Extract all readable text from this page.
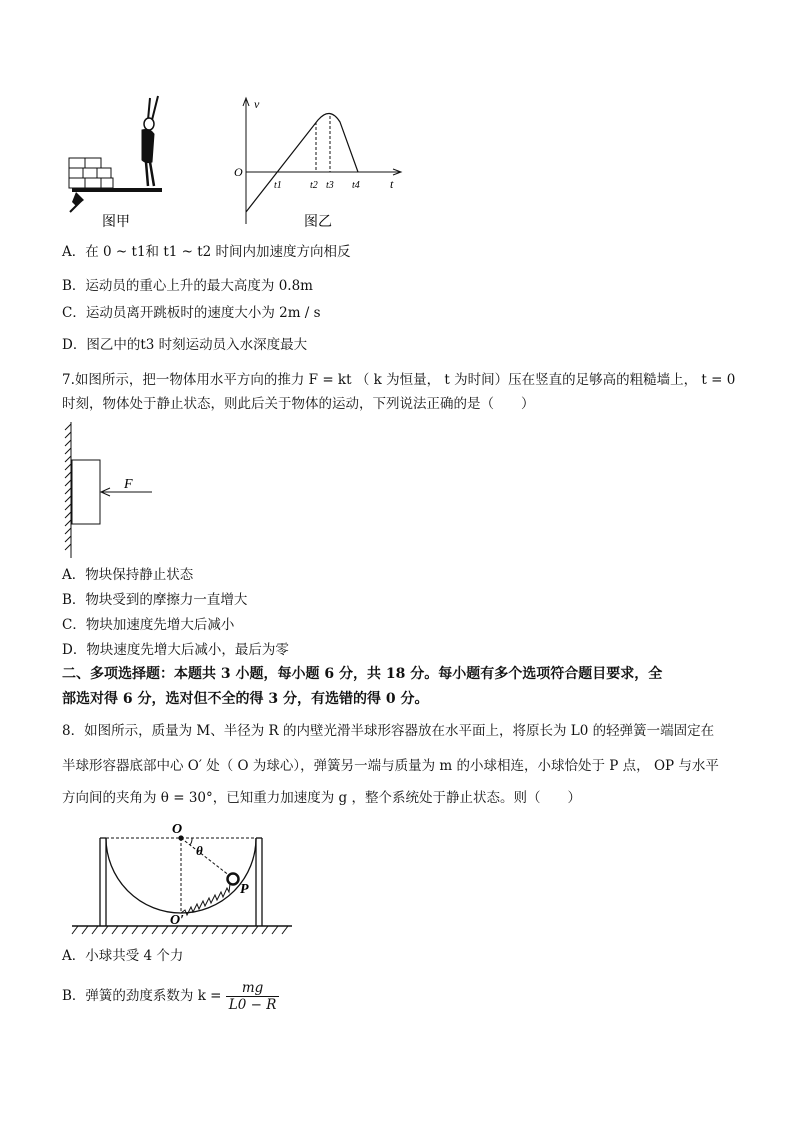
图甲
v
t
O
t1	t2 t3 t4
图乙
A．在 0 ~ t1和 t1 ~ t2 时间内加速度方向相反
B．运动员的重心上升的最大高度为 0.8m
C．运动员离开跳板时的速度大小为 2m / s
D．图乙中的t3 时刻运动员入水深度最大
7.如图所示，把一物体用水平方向的推力 F = kt （ k 为恒量， t 为时间）压在竖直的足够高的粗糙墙上， t = 0
时刻，物体处于静止状态，则此后关于物体的运动，下列说法正确的是（　　）
F
A．物块保持静止状态
B．物块受到的摩擦力一直增大
C．物块加速度先增大后减小
D．物块速度先增大后减小，最后为零
二、多项选择题：本题共 3 小题，每小题 6 分，共 18 分。每小题有多个选项符合题目要求，全
部选对得 6 分，选对但不全的得 3 分，有选错的得 0 分。
8．如图所示，质量为 M、半径为 R 的内壁光滑半球形容器放在水平面上，将原长为 L0 的轻弹簧一端固定在
半球形容器底部中心 O′ 处（ O 为球心），弹簧另一端与质量为 m 的小球相连，小球恰处于 P 点， OP 与水平
方向间的夹角为 θ = 30°，已知重力加速度为 g ，整个系统处于静止状态。则（　　）
O
O′
P
θ
A．小球共受 4 个力
B．弹簧的劲度系数为 $k = \frac{mg}{L0 - R}$
